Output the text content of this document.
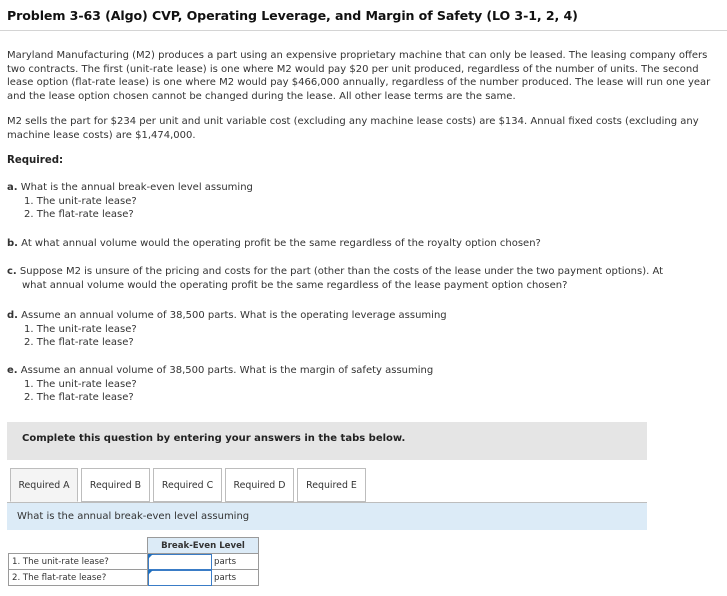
Problem 3-63 (Algo) CVP, Operating Leverage, and Margin of Safety (LO 3-1, 2, 4)

Maryland Manufacturing (M2) produces a part using an expensive proprietary machine that can only be leased. The leasing company offers two contracts. The first (unit-rate lease) is one where M2 would pay $20 per unit produced, regardless of the number of units. The second lease option (flat-rate lease) is one where M2 would pay $466,000 annually, regardless of the number produced. The lease will run one year and the lease option chosen cannot be changed during the lease. All other lease terms are the same.

M2 sells the part for $234 per unit and unit variable cost (excluding any machine lease costs) are $134. Annual fixed costs (excluding any machine lease costs) are $1,474,000.

Required:
a. What is the annual break-even level assuming
1. The unit-rate lease?
2. The flat-rate lease?
b. At what annual volume would the operating profit be the same regardless of the royalty option chosen?
c. Suppose M2 is unsure of the pricing and costs for the part (other than the costs of the lease under the two payment options). At
what annual volume would the operating profit be the same regardless of the lease payment option chosen?
d. Assume an annual volume of 38,500 parts. What is the operating leverage assuming
1. The unit-rate lease?
2. The flat-rate lease?
e. Assume an annual volume of 38,500 parts. What is the margin of safety assuming
1. The unit-rate lease?
2. The flat-rate lease?
Complete this question by entering your answers in the tabs below.
Required A	Required B	Required C	Required D	Required E
What is the annual break-even level assuming
	Break-Even Level	
1. The unit-rate lease?		parts
2. The flat-rate lease?		parts
